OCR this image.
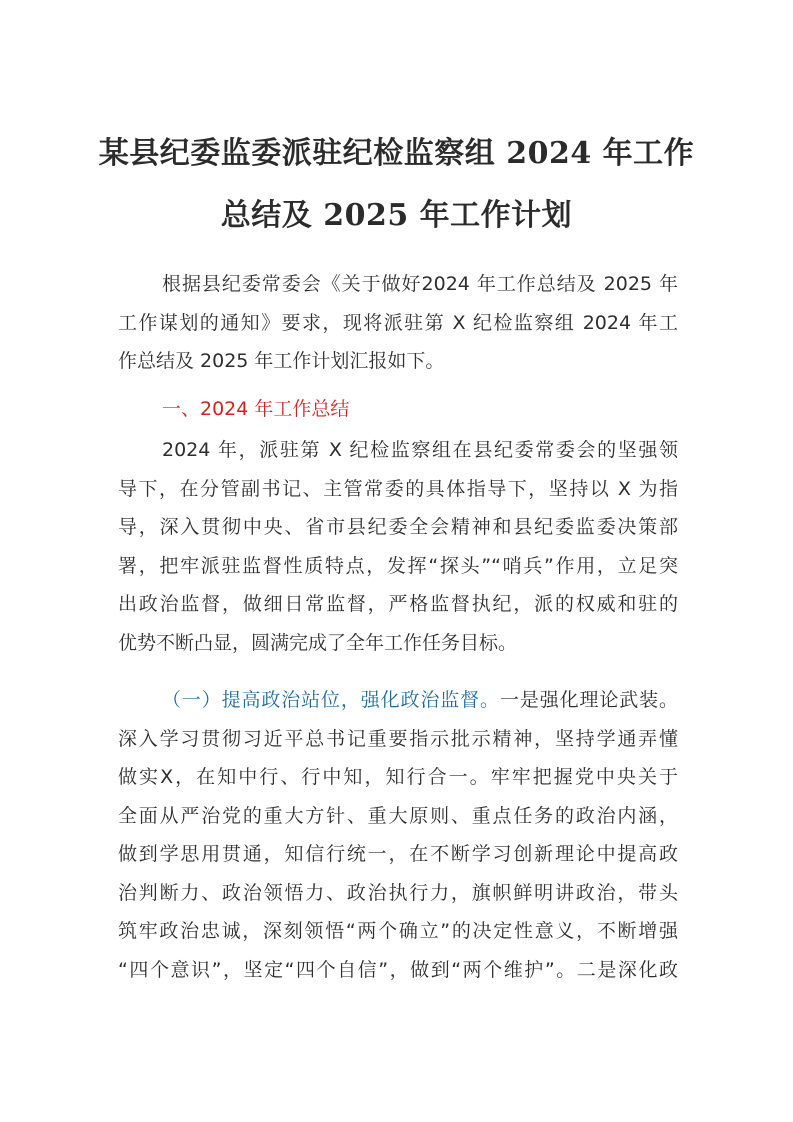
某县纪委监委派驻纪检监察组 2024 年工作
总结及 2025 年工作计划
根据县纪委常委会《关于做好2024 年工作总结及 2025 年
工作谋划的通知》要求，现将派驻第 X 纪检监察组 2024 年工
作总结及 2025 年工作计划汇报如下。
一、2024 年工作总结
2024 年，派驻第 X 纪检监察组在县纪委常委会的坚强领
导下，在分管副书记、主管常委的具体指导下，坚持以 X 为指
导，深入贯彻中央、省市县纪委全会精神和县纪委监委决策部
署，把牢派驻监督性质特点，发挥“探头”“哨兵”作用，立足突
出政治监督，做细日常监督，严格监督执纪，派的权威和驻的
优势不断凸显，圆满完成了全年工作任务目标。
（一）提高政治站位，强化政治监督。一是强化理论武装。
深入学习贯彻习近平总书记重要指示批示精神，坚持学通弄懂
做实X，在知中行、行中知，知行合一。牢牢把握党中央关于
全面从严治党的重大方针、重大原则、重点任务的政治内涵，
做到学思用贯通，知信行统一，在不断学习创新理论中提高政
治判断力、政治领悟力、政治执行力，旗帜鲜明讲政治，带头
筑牢政治忠诚，深刻领悟“两个确立”的决定性意义，不断增强
“四个意识”，坚定“四个自信”，做到“两个维护”。二是深化政
